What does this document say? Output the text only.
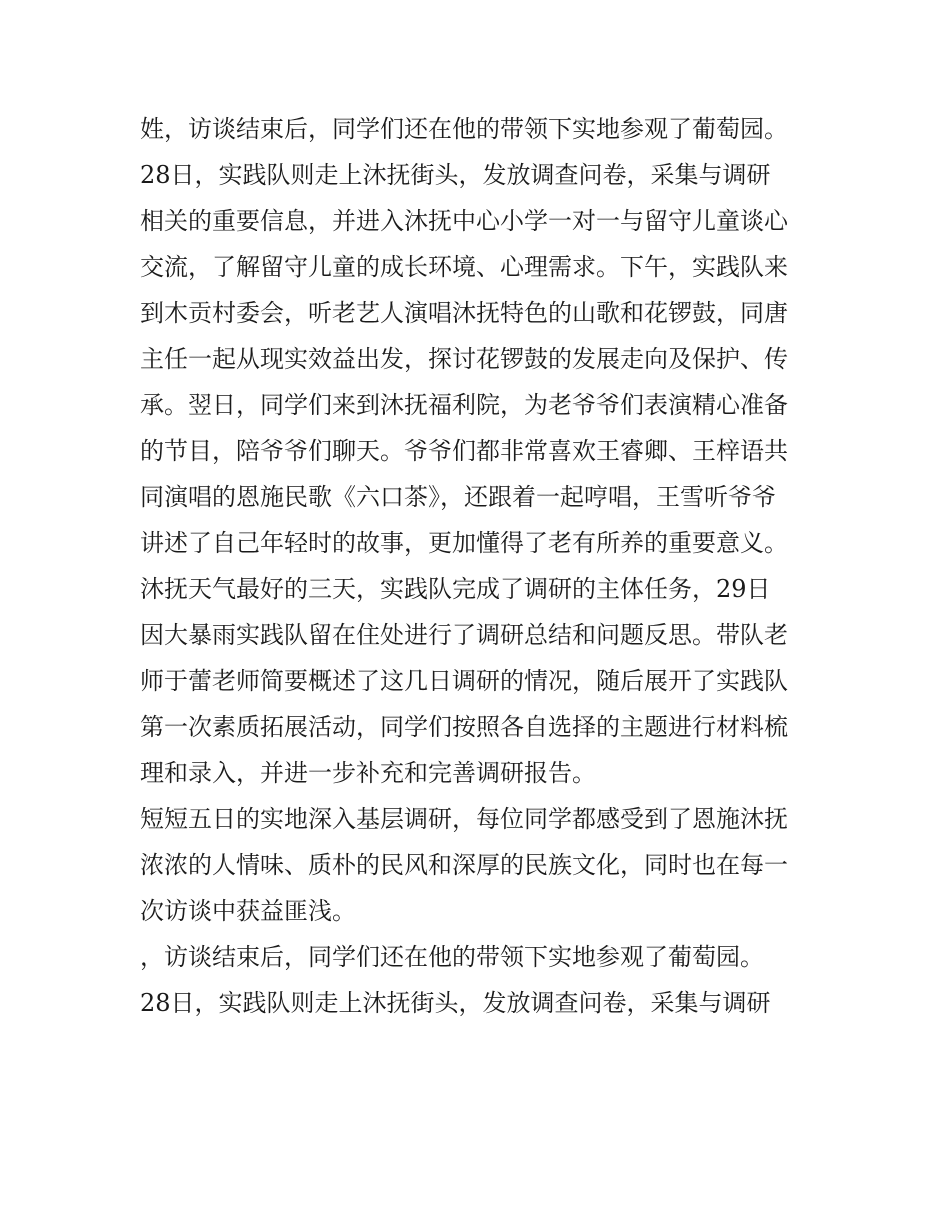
姓，访谈结束后，同学们还在他的带领下实地参观了葡萄园。
28日，实践队则走上沐抚街头，发放调查问卷，采集与调研
相关的重要信息，并进入沐抚中心小学一对一与留守儿童谈心
交流，了解留守儿童的成长环境、心理需求。下午，实践队来
到木贡村委会，听老艺人演唱沐抚特色的山歌和花锣鼓，同唐
主任一起从现实效益出发，探讨花锣鼓的发展走向及保护、传
承。翌日，同学们来到沐抚福利院，为老爷爷们表演精心准备
的节目，陪爷爷们聊天。爷爷们都非常喜欢王睿卿、王梓语共
同演唱的恩施民歌《六口茶》，还跟着一起哼唱，王雪听爷爷
讲述了自己年轻时的故事，更加懂得了老有所养的重要意义。
沐抚天气最好的三天，实践队完成了调研的主体任务，29日
因大暴雨实践队留在住处进行了调研总结和问题反思。带队老
师于蕾老师简要概述了这几日调研的情况，随后展开了实践队
第一次素质拓展活动，同学们按照各自选择的主题进行材料梳
理和录入，并进一步补充和完善调研报告。
短短五日的实地深入基层调研，每位同学都感受到了恩施沐抚
浓浓的人情味、质朴的民风和深厚的民族文化，同时也在每一
次访谈中获益匪浅。
，访谈结束后，同学们还在他的带领下实地参观了葡萄园。
28日，实践队则走上沐抚街头，发放调查问卷，采集与调研
